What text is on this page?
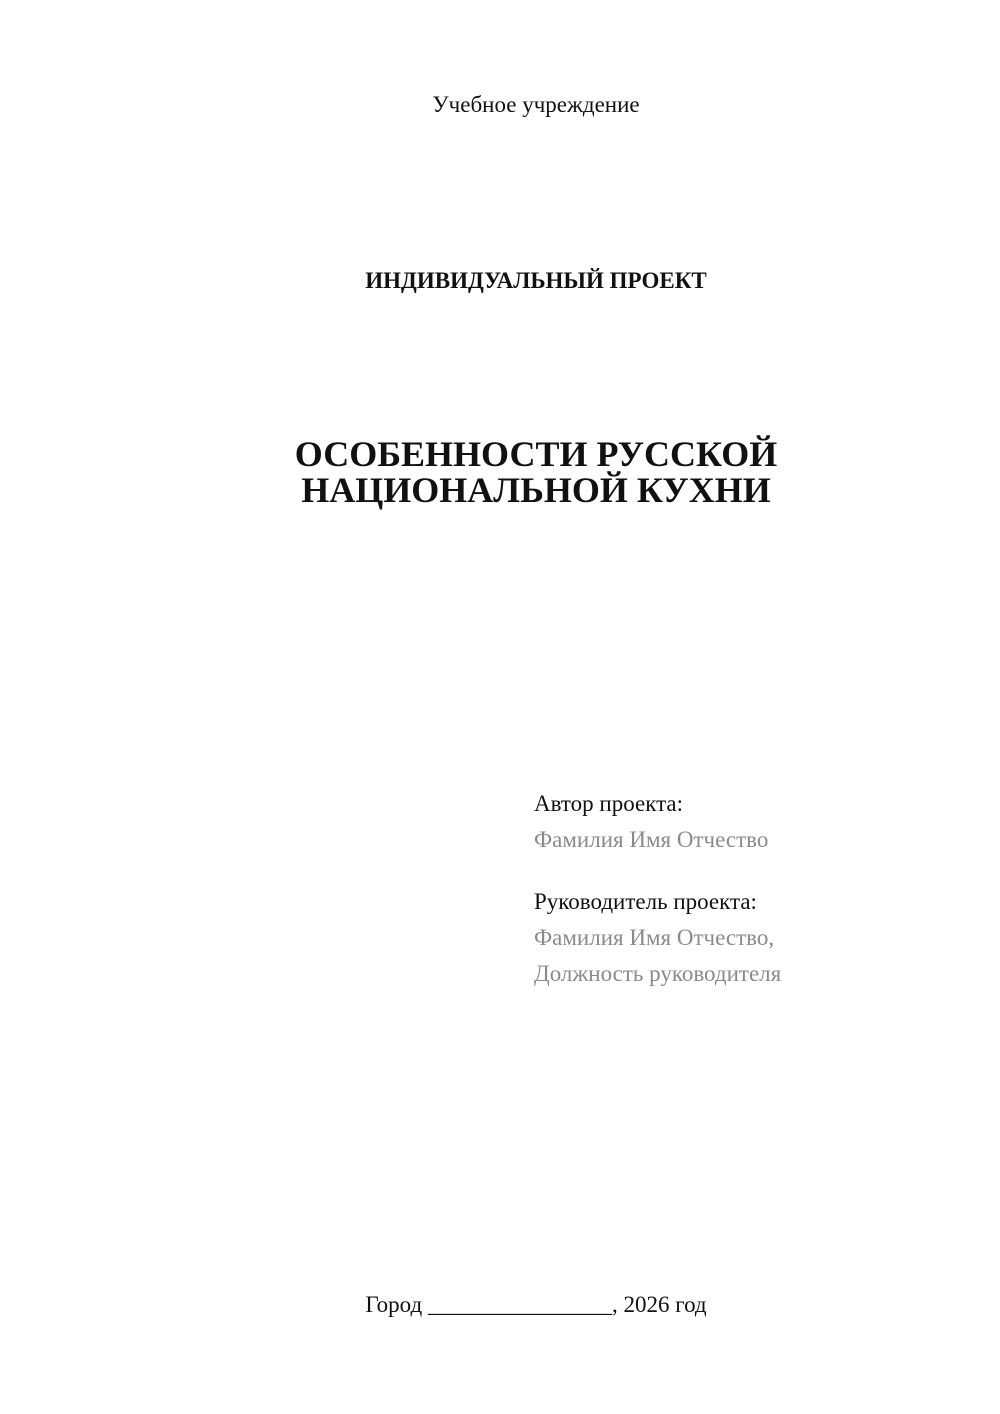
Учебное учреждение
ИНДИВИДУАЛЬНЫЙ ПРОЕКТ
ОСОБЕННОСТИ РУССКОЙ
НАЦИОНАЛЬНОЙ КУХНИ
Автор проекта:
Фамилия Имя Отчество
Руководитель проекта:
Фамилия Имя Отчество,
Должность руководителя
Город ________________, 2026 год
